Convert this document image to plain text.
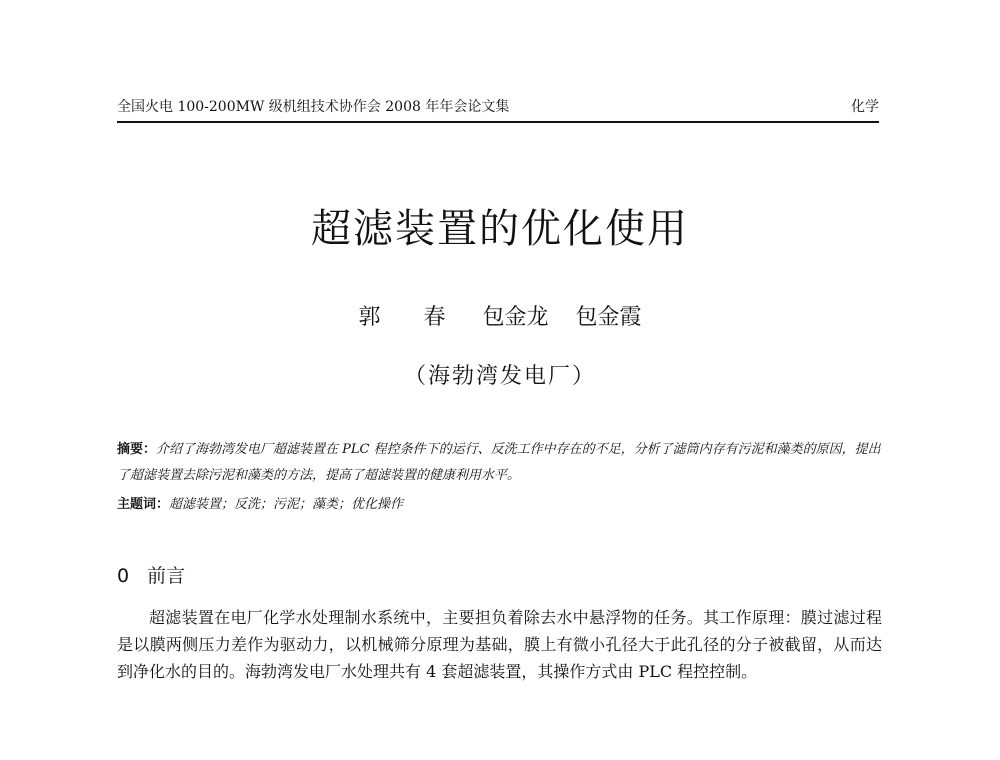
全国火电 100-200MW 级机组技术协作会 2008 年年会论文集	化学
超滤装置的优化使用
郭 春 包金龙 包金霞
（海勃湾发电厂）
摘要：介绍了海勃湾发电厂超滤装置在 PLC 程控条件下的运行、反洗工作中存在的不足，分析了滤筒内存有污泥和藻类的原因，提出了超滤装置去除污泥和藻类的方法，提高了超滤装置的健康利用水平。
主题词：超滤装置；反洗；污泥；藻类；优化操作
0 前言
超滤装置在电厂化学水处理制水系统中，主要担负着除去水中悬浮物的任务。其工作原理：膜过滤过程是以膜两侧压力差作为驱动力，以机械筛分原理为基础，膜上有微小孔径大于此孔径的分子被截留，从而达到净化水的目的。海勃湾发电厂水处理共有 4 套超滤装置，其操作方式由 PLC 程控控制。
